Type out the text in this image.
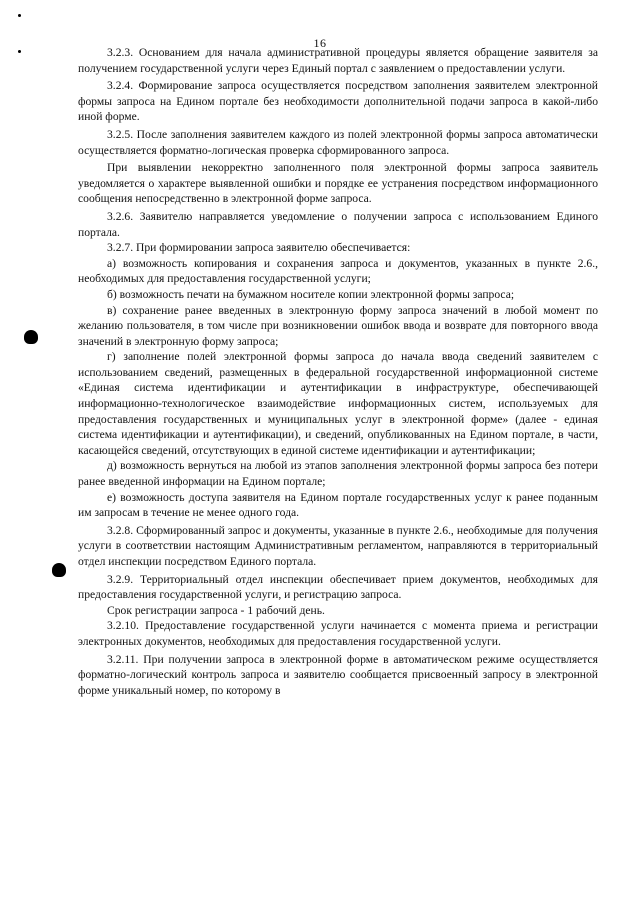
16

3.2.3. Основанием для начала административной процедуры является обращение заявителя за получением государственной услуги через Единый портал с заявлением о предоставлении услуги.

3.2.4. Формирование запроса осуществляется посредством заполнения заявителем электронной формы запроса на Едином портале без необходимости дополнительной подачи запроса в какой-либо иной форме.

3.2.5. После заполнения заявителем каждого из полей электронной формы запроса автоматически осуществляется форматно-логическая проверка сформированного запроса.

При выявлении некорректно заполненного поля электронной формы запроса заявитель уведомляется о характере выявленной ошибки и порядке ее устранения посредством информационного сообщения непосредственно в электронной форме запроса.

3.2.6. Заявителю направляется уведомление о получении запроса с использованием Единого портала.

3.2.7. При формировании запроса заявителю обеспечивается:

а) возможность копирования и сохранения запроса и документов, указанных в пункте 2.6., необходимых для предоставления государственной услуги;

б) возможность печати на бумажном носителе копии электронной формы запроса;

в) сохранение ранее введенных в электронную форму запроса значений в любой момент по желанию пользователя, в том числе при возникновении ошибок ввода и возврате для повторного ввода значений в электронную форму запроса;

г) заполнение полей электронной формы запроса до начала ввода сведений заявителем с использованием сведений, размещенных в федеральной государственной информационной системе «Единая система идентификации и аутентификации в инфраструктуре, обеспечивающей информационно-технологическое взаимодействие информационных систем, используемых для предоставления государственных и муниципальных услуг в электронной форме» (далее - единая система идентификации и аутентификации), и сведений, опубликованных на Едином портале, в части, касающейся сведений, отсутствующих в единой системе идентификации и аутентификации;

д) возможность вернуться на любой из этапов заполнения электронной формы запроса без потери ранее введенной информации на Едином портале;

е) возможность доступа заявителя на Едином портале государственных услуг к ранее поданным им запросам в течение не менее одного года.

3.2.8. Сформированный запрос и документы, указанные в пункте 2.6., необходимые для получения услуги в соответствии настоящим Административным регламентом, направляются в территориальный отдел инспекции посредством Единого портала.

3.2.9. Территориальный отдел инспекции обеспечивает прием документов, необходимых для предоставления государственной услуги, и регистрацию запроса.

Срок регистрации запроса - 1 рабочий день.

3.2.10. Предоставление государственной услуги начинается с момента приема и регистрации электронных документов, необходимых для предоставления государственной услуги.

3.2.11. При получении запроса в электронной форме в автоматическом режиме осуществляется форматно-логический контроль запроса и заявителю сообщается присвоенный запросу в электронной форме уникальный номер, по которому в
